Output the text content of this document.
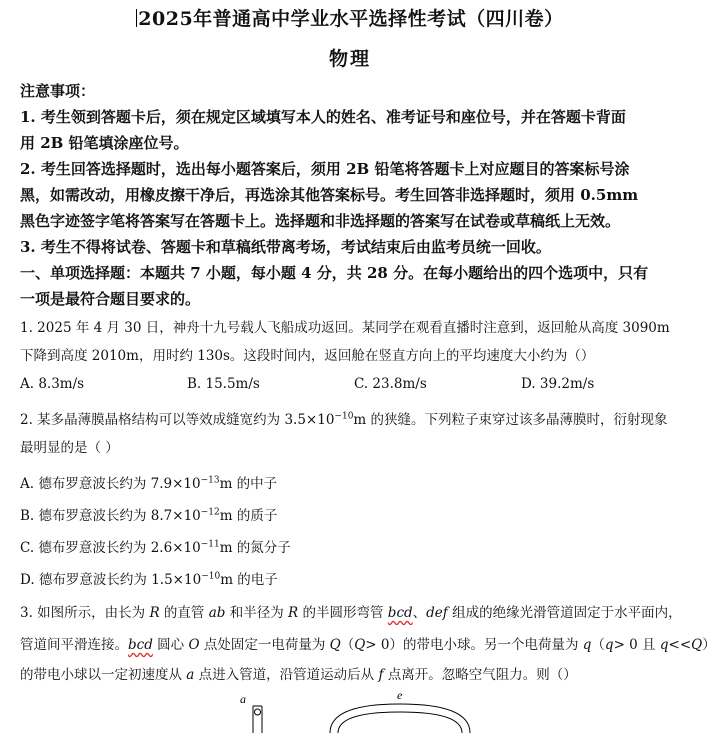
2025年普通高中学业水平选择性考试（四川卷）
物理
注意事项：
1. 考生领到答题卡后，须在规定区域填写本人的姓名、准考证号和座位号，并在答题卡背面
用 2B 铅笔填涂座位号。
2. 考生回答选择题时，选出每小题答案后，须用 2B 铅笔将答题卡上对应题目的答案标号涂
黑，如需改动，用橡皮擦干净后，再选涂其他答案标号。考生回答非选择题时，须用 0.5mm
黑色字迹签字笔将答案写在答题卡上。选择题和非选择题的答案写在试卷或草稿纸上无效。
3. 考生不得将试卷、答题卡和草稿纸带离考场，考试结束后由监考员统一回收。
一、单项选择题：本题共 7 小题，每小题 4 分，共 28 分。在每小题给出的四个选项中，只有
一项是最符合题目要求的。
1. 2025 年 4 月 30 日，神舟十九号载人飞船成功返回。某同学在观看直播时注意到，返回舱从高度 3090m
下降到高度 2010m，用时约 130s。这段时间内，返回舱在竖直方向上的平均速度大小约为（）
A. 8.3m/s	B. 15.5m/s	C. 23.8m/s	D. 39.2m/s
2. 某多晶薄膜晶格结构可以等效成缝宽约为 $3.5\times 10^{-10}m$ 的狭缝。下列粒子束穿过该多晶薄膜时，衍射现象
最明显的是（ ）
A. 德布罗意波长约为 $7.9\times 10^{-13}m$ 的中子
B. 德布罗意波长约为 $8.7\times 10^{-12}m$ 的质子
C. 德布罗意波长约为 $2.6\times 10^{-11}m$ 的氮分子
D. 德布罗意波长约为 $1.5\times 10^{-10}m$ 的电子
3. 如图所示，由长为 R 的直管 ab 和半径为 R 的半圆形弯管 bcd、def 组成的绝缘光滑管道固定于水平面内，
管道间平滑连接。bcd 圆心 O 点处固定一电荷量为 Q（Q> 0）的带电小球。另一个电荷量为 q（q> 0 且 q<<Q）
的带电小球以一定初速度从 a 点进入管道，沿管道运动后从 f 点离开。忽略空气阻力。则（）
a	e
